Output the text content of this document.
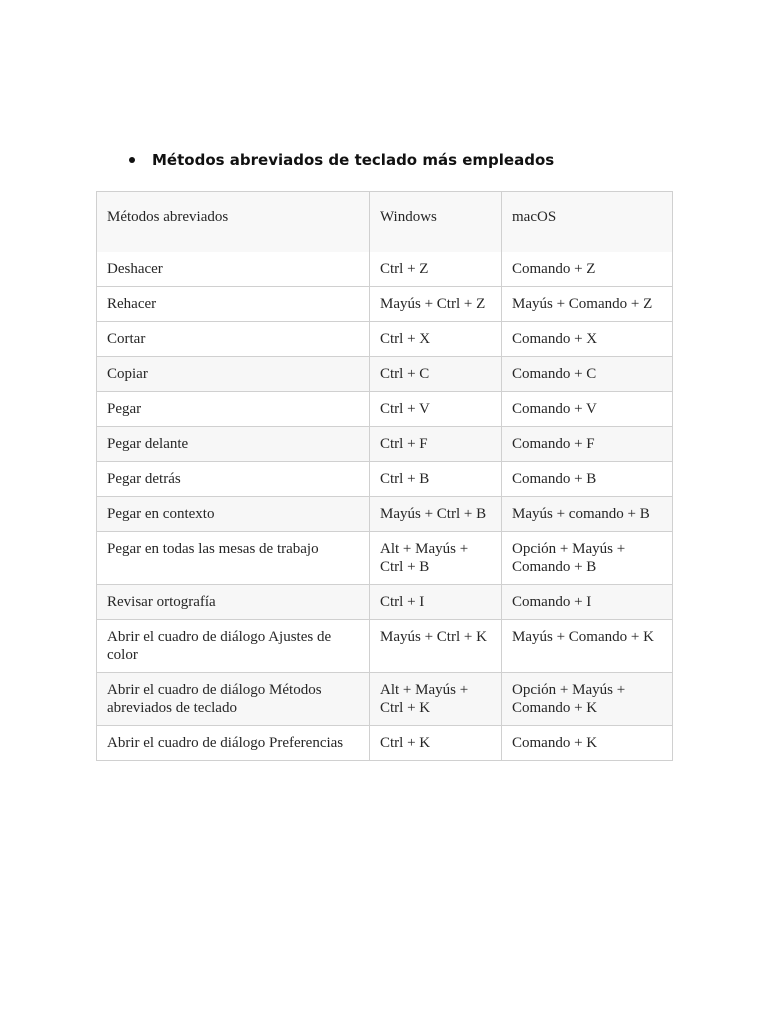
Métodos abreviados de teclado más empleados
Métodos abreviados	Windows	macOS
Deshacer	Ctrl + Z	Comando + Z
Rehacer	Mayús + Ctrl + Z	Mayús + Comando + Z
Cortar	Ctrl + X	Comando + X
Copiar	Ctrl + C	Comando + C
Pegar	Ctrl + V	Comando + V
Pegar delante	Ctrl + F	Comando + F
Pegar detrás	Ctrl + B	Comando + B
Pegar en contexto	Mayús + Ctrl + B	Mayús + comando + B
Pegar en todas las mesas de trabajo	Alt + Mayús + Ctrl + B	Opción + Mayús + Comando + B
Revisar ortografía	Ctrl + I	Comando + I
Abrir el cuadro de diálogo Ajustes de color	Mayús + Ctrl + K	Mayús + Comando + K
Abrir el cuadro de diálogo Métodos abreviados de teclado	Alt + Mayús + Ctrl + K	Opción + Mayús + Comando + K
Abrir el cuadro de diálogo Preferencias	Ctrl + K	Comando + K
